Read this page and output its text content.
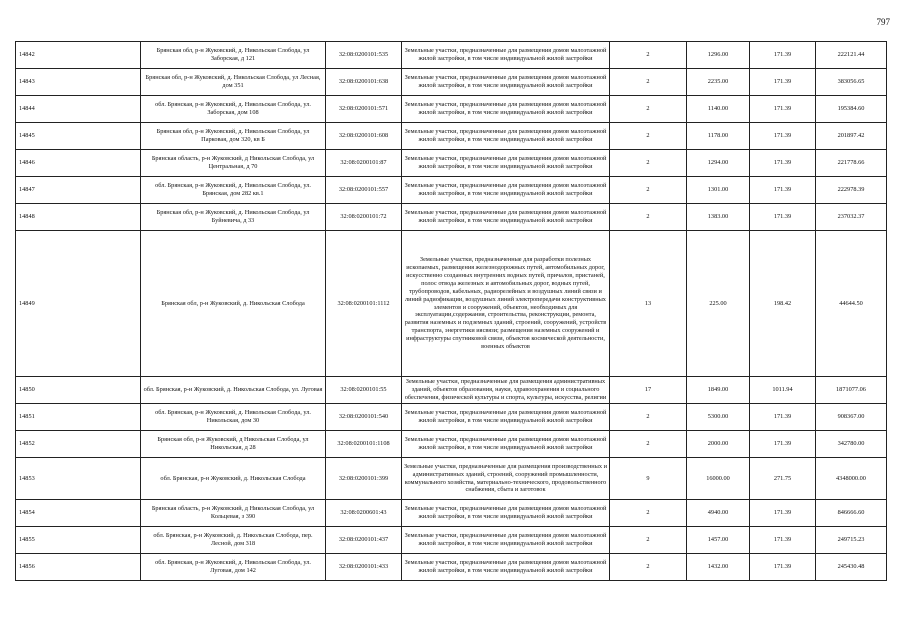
797
14842	Брянская обл, р-н Жуковский, д. Никольская Слобода, ул Заборская, д 121	32:08:0200101:535	Земельные участки, предназначенные для размещения домов малоэтажной жилой застройки, в том числе индивидуальной жилой застройки	2	1296.00	171.39	222121.44
14843	Брянская обл, р-н Жуковский, д. Никольская Слобода, ул Лесная, дом 351	32:08:0200101:638	Земельные участки, предназначенные для размещения домов малоэтажной жилой застройки, в том числе индивидуальной жилой застройки	2	2235.00	171.39	383056.65
14844	обл. Брянская, р-н Жуковский, д. Никольская Слобода, ул. Заборская, дом 108	32:08:0200101:571	Земельные участки, предназначенные для размещения домов малоэтажной жилой застройки, в том числе индивидуальной жилой застройки	2	1140.00	171.39	195384.60
14845	Брянская обл, р-н Жуковский, д. Никольская Слобода, ул Парковая, дом 320, кв Б	32:08:0200101:608	Земельные участки, предназначенные для размещения домов малоэтажной жилой застройки, в том числе индивидуальной жилой застройки	2	1178.00	171.39	201897.42
14846	Брянская область, р-н Жуковский, д Никольская Слобода, ул Центральная, д 70	32:08:0200101:87	Земельные участки, предназначенные для размещения домов малоэтажной жилой застройки, в том числе индивидуальной жилой застройки	2	1294.00	171.39	221778.66
14847	обл. Брянская, р-н Жуковский, д. Никольская Слобода, ул. Брянская, дом 282 кв.1	32:08:0200101:557	Земельные участки, предназначенные для размещения домов малоэтажной жилой застройки, в том числе индивидуальной жилой застройки	2	1301.00	171.39	222978.39
14848	Брянская обл, р-н Жуковский, д. Никольская Слобода, ул Буйневича, д 33	32:08:0200101:72	Земельные участки, предназначенные для размещения домов малоэтажной жилой застройки, в том числе индивидуальной жилой застройки	2	1383.00	171.39	237032.37
14849	Брянская обл, р-н Жуковский, д. Никольская Слобода	32:08:0200101:1112	Земельные участки, предназначенные для разработки полезных ископаемых, размещения железнодорожных путей, автомобильных дорог, искусственно созданных внутренних водных путей, причалов, пристаней, полос отвода железных и автомобильных дорог, водных путей, трубопроводов, кабельных, радиорелейных и воздушных линий связи и линий радиофикации, воздушных линий электропередачи конструктивных элементов и сооружений, объектов, необходимых для эксплуатации,содержания, строительства, реконструкции, ремонта, развития наземных и подземных зданий, строений, сооружений, устройств транспорта, энергетики иясвязи; размещения наземных сооружений и инфраструктуры спутниковой связи, объектов космической деятельности, военных объектов	13	225.00	198.42	44644.50
14850	обл. Брянская, р-н Жуковский, д. Никольская Слобода, ул. Луговая	32:08:0200101:55	Земельные участки, предназначенные для размещения административных зданий, объектов образования, науки, здравоохранения и социального обеспечения, физической культуры и спорта, культуры, искусства, религии	17	1849.00	1011.94	1871077.06
14851	обл. Брянская, р-н Жуковский, д. Никольская Слобода, ул. Никольская, дом 30	32:08:0200101:540	Земельные участки, предназначенные для размещения домов малоэтажной жилой застройки, в том числе индивидуальной жилой застройки	2	5300.00	171.39	908367.00
14852	Брянская обл, р-н Жуковский, д Никольская Слобода, ул Никольская, д 28	32:08:0200101:1108	Земельные участки, предназначенные для размещения домов малоэтажной жилой застройки, в том числе индивидуальной жилой застройки	2	2000.00	171.39	342780.00
14853	обл. Брянская, р-н Жуковский, д. Никольская Слобода	32:08:0200101:399	Земельные участки, предназначенные для размещения производственных и административных зданий, строений, сооружений промышленности, коммунального хозяйства, материально-технического, продовольственного снабжения, сбыта и заготовок	9	16000.00	271.75	4348000.00
14854	Брянская область, р-н Жуковский, д Никольская Слобода, ул Кольцевая, з 390	32:08:0200601:43	Земельные участки, предназначенные для размещения домов малоэтажной жилой застройки, в том числе индивидуальной жилой застройки	2	4940.00	171.39	846666.60
14855	обл. Брянская, р-н Жуковский, д. Никольская Слобода, пер. Лесной, дом 318	32:08:0200101:437	Земельные участки, предназначенные для размещения домов малоэтажной жилой застройки, в том числе индивидуальной жилой застройки	2	1457.00	171.39	249715.23
14856	обл. Брянская, р-н Жуковский, д. Никольская Слобода, ул. Луговая, дом 142	32:08:0200101:433	Земельные участки, предназначенные для размещения домов малоэтажной жилой застройки, в том числе индивидуальной жилой застройки	2	1432.00	171.39	245430.48
